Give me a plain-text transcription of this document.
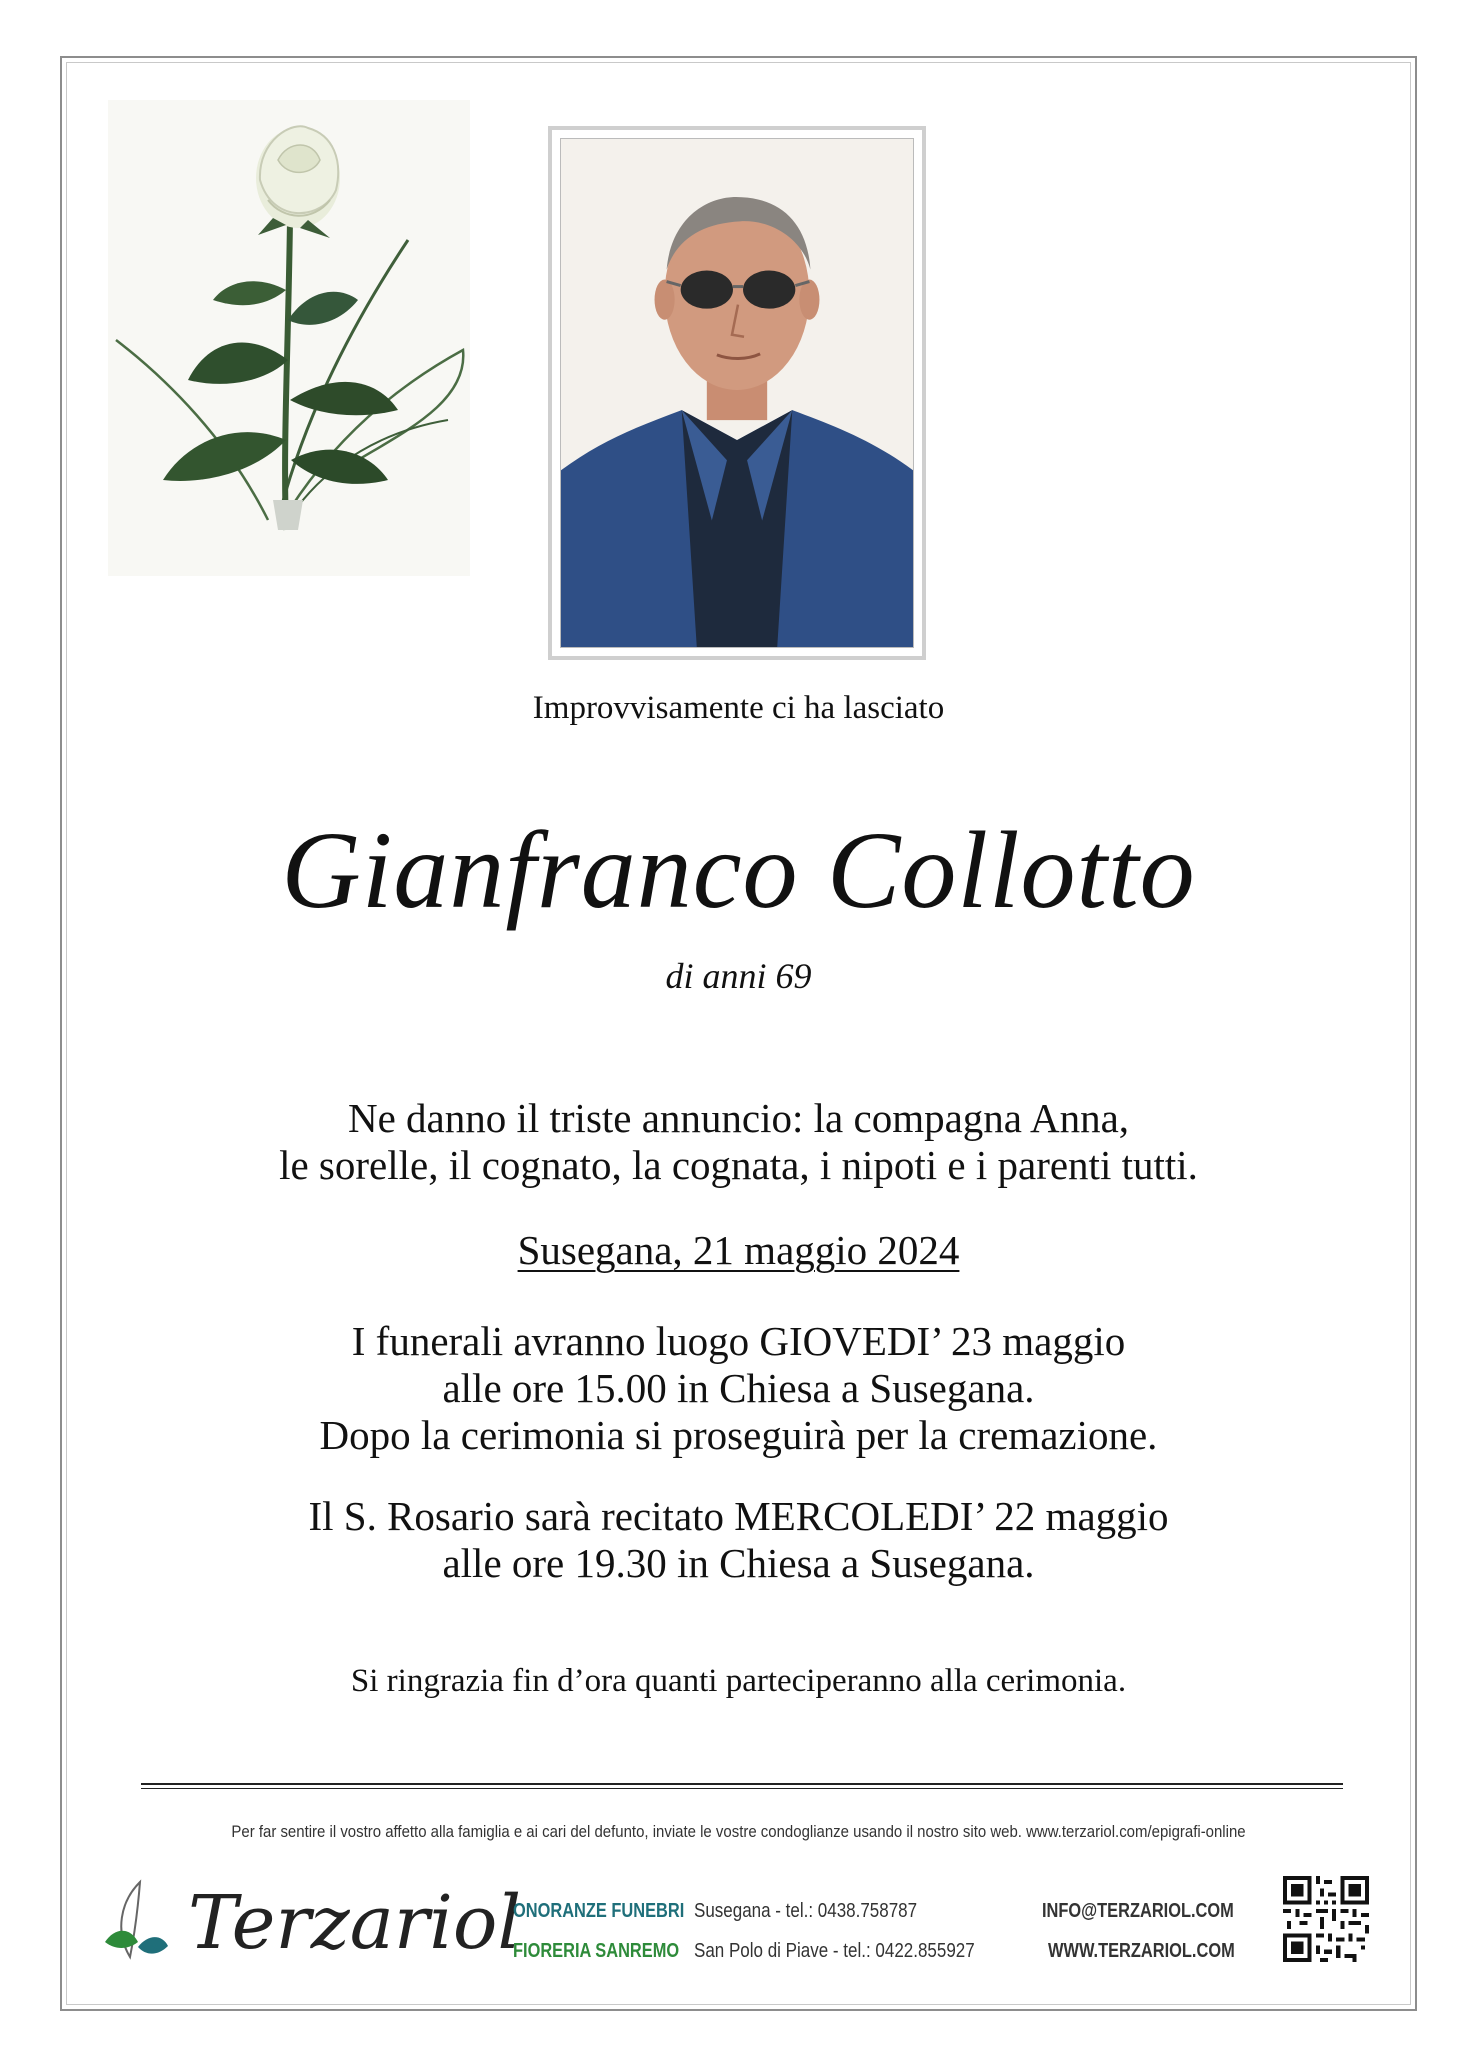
Improvvisamente ci ha lasciato
Gianfranco Collotto
di anni 69
Ne danno il triste annuncio: la compagna Anna,
le sorelle, il cognato, la cognata, i nipoti e i parenti tutti.
Susegana, 21 maggio 2024
I funerali avranno luogo GIOVEDI’ 23 maggio
alle ore 15.00 in Chiesa a Susegana.
Dopo la cerimonia si proseguirà per la cremazione.
Il S. Rosario sarà recitato MERCOLEDI’ 22 maggio
alle ore 19.30 in Chiesa a Susegana.
Si ringrazia fin d’ora quanti parteciperanno alla cerimonia.
Per far sentire il vostro affetto alla famiglia e ai cari del defunto, inviate le vostre condoglianze usando il nostro sito web. www.terzariol.com/epigrafi-online
Terzariol
ONORANZE FUNEBRI Susegana - tel.: 0438.758787
FIORERIA SANREMO San Polo di Piave - tel.: 0422.855927
INFO@TERZARIOL.COM
WWW.TERZARIOL.COM
